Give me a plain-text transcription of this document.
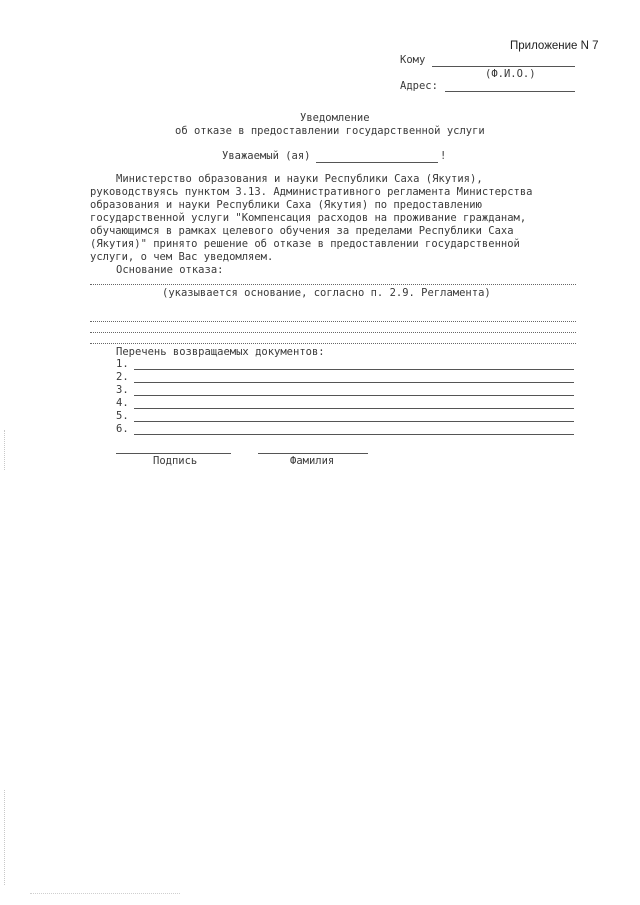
Приложение N 7
Кому
(Ф.И.О.)
Адрес:
Уведомление
об отказе в предоставлении государственной услуги
Уважаемый (ая)	!
Министерство образования и науки Республики Саха (Якутия),
руководствуясь пунктом 3.13. Административного регламента Министерства
образования и науки Республики Саха (Якутия) по предоставлению
государственной услуги "Компенсация расходов на проживание гражданам,
обучающимся в рамках целевого обучения за пределами Республики Саха
(Якутия)" принято решение об отказе в предоставлении государственной
услуги, о чем Вас уведомляем.
Основание отказа:
(указывается основание, согласно п. 2.9. Регламента)
Перечень возвращаемых документов:
1.
2.
3.
4.
5.
6.
Подпись	Фамилия
